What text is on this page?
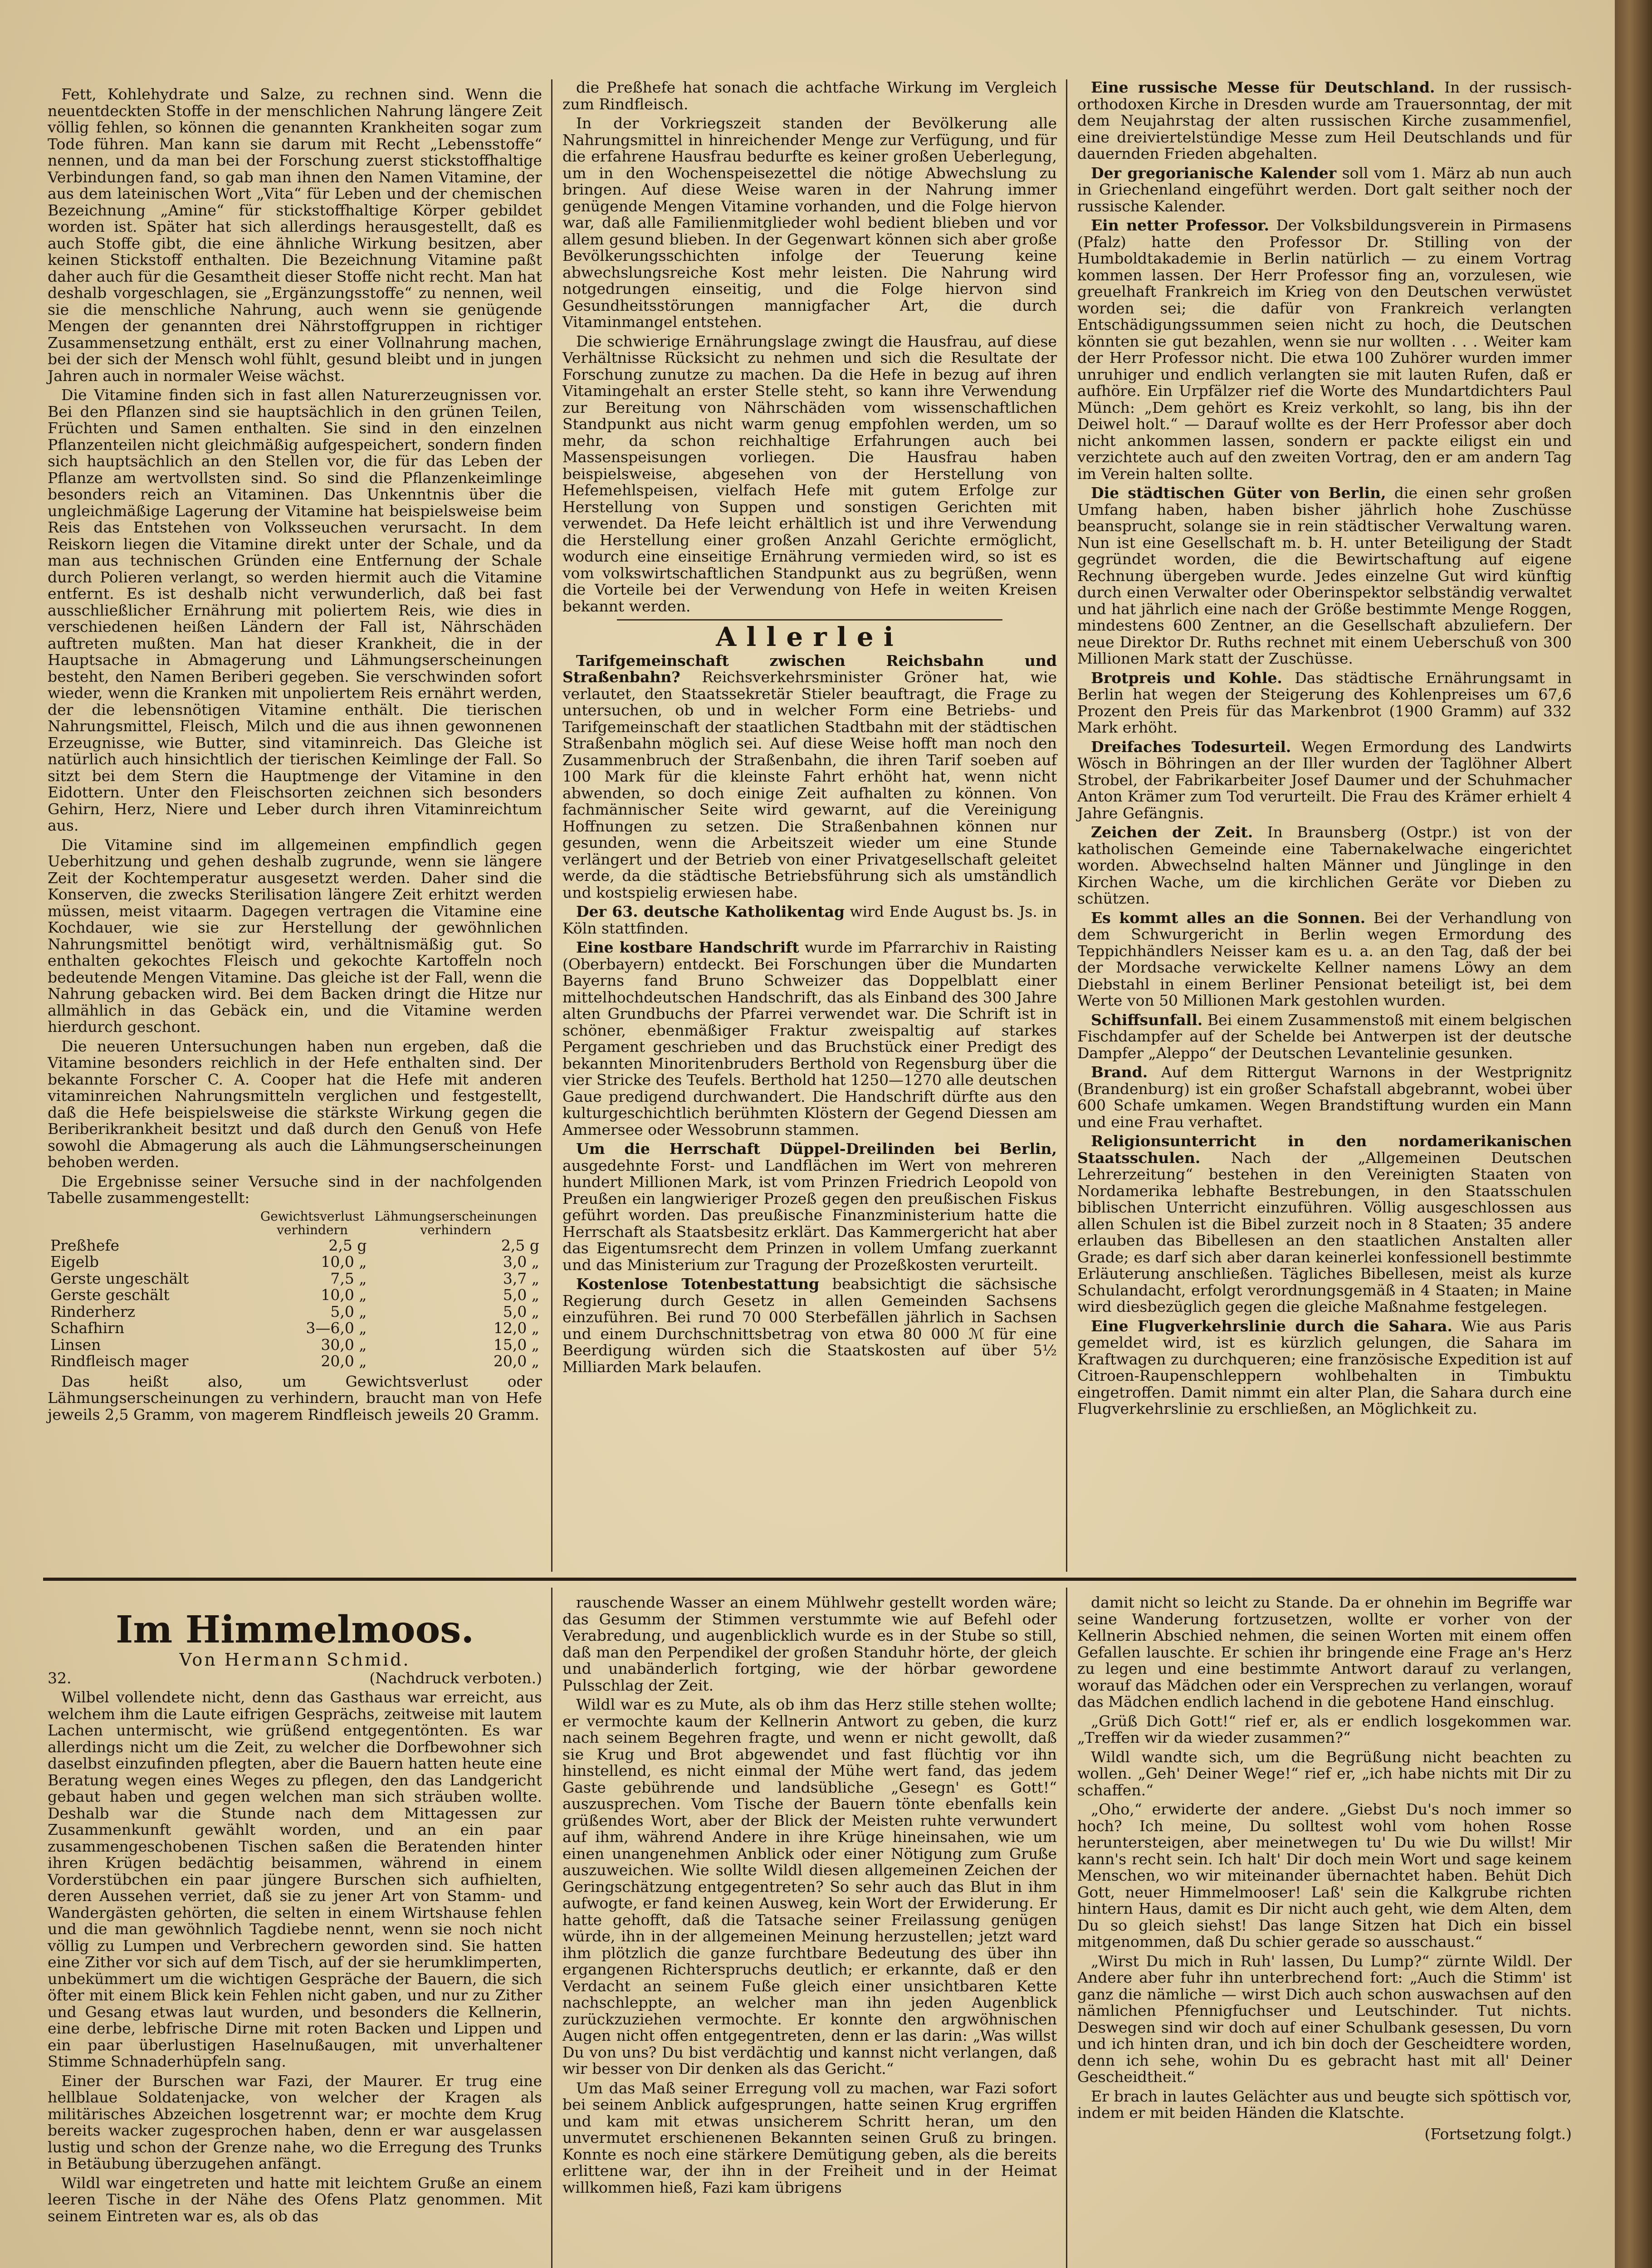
Fett, Kohlehydrate und Salze, zu rechnen sind. Wenn die neuentdeckten Stoffe in der menschlichen Nahrung längere Zeit völlig fehlen, so können die genannten Krankheiten sogar zum Tode führen. Man kann sie darum mit Recht „Lebensstoffe“ nennen, und da man bei der Forschung zuerst stickstoffhaltige Verbindungen fand, so gab man ihnen den Namen Vitamine, der aus dem lateinischen Wort „Vita“ für Leben und der chemischen Bezeichnung „Amine“ für stickstoffhaltige Körper gebildet worden ist. Später hat sich allerdings herausgestellt, daß es auch Stoffe gibt, die eine ähnliche Wirkung besitzen, aber keinen Stickstoff enthalten. Die Bezeichnung Vitamine paßt daher auch für die Gesamtheit dieser Stoffe nicht recht. Man hat deshalb vorgeschlagen, sie „Ergänzungsstoffe“ zu nennen, weil sie die menschliche Nahrung, auch wenn sie genügende Mengen der genannten drei Nährstoffgruppen in richtiger Zusammensetzung enthält, erst zu einer Vollnahrung machen, bei der sich der Mensch wohl fühlt, gesund bleibt und in jungen Jahren auch in normaler Weise wächst.

Die Vitamine finden sich in fast allen Naturerzeugnissen vor. Bei den Pflanzen sind sie hauptsächlich in den grünen Teilen, Früchten und Samen enthalten. Sie sind in den einzelnen Pflanzenteilen nicht gleichmäßig aufgespeichert, sondern finden sich hauptsächlich an den Stellen vor, die für das Leben der Pflanze am wertvollsten sind. So sind die Pflanzenkeimlinge besonders reich an Vitaminen. Das Unkenntnis über die ungleichmäßige Lagerung der Vitamine hat beispielsweise beim Reis das Entstehen von Volksseuchen verursacht. In dem Reiskorn liegen die Vitamine direkt unter der Schale, und da man aus technischen Gründen eine Entfernung der Schale durch Polieren verlangt, so werden hiermit auch die Vitamine entfernt. Es ist deshalb nicht verwunderlich, daß bei fast ausschließlicher Ernährung mit poliertem Reis, wie dies in verschiedenen heißen Ländern der Fall ist, Nährschäden auftreten mußten. Man hat dieser Krankheit, die in der Hauptsache in Abmagerung und Lähmungserscheinungen besteht, den Namen Beriberi gegeben. Sie verschwinden sofort wieder, wenn die Kranken mit unpoliertem Reis ernährt werden, der die lebensnötigen Vitamine enthält. Die tierischen Nahrungsmittel, Fleisch, Milch und die aus ihnen gewonnenen Erzeugnisse, wie Butter, sind vitaminreich. Das Gleiche ist natürlich auch hinsichtlich der tierischen Keimlinge der Fall. So sitzt bei dem Stern die Hauptmenge der Vitamine in den Eidottern. Unter den Fleischsorten zeichnen sich besonders Gehirn, Herz, Niere und Leber durch ihren Vitaminreichtum aus.

Die Vitamine sind im allgemeinen empfindlich gegen Ueberhitzung und gehen deshalb zugrunde, wenn sie längere Zeit der Kochtemperatur ausgesetzt werden. Daher sind die Konserven, die zwecks Sterilisation längere Zeit erhitzt werden müssen, meist vitaarm. Dagegen vertragen die Vitamine eine Kochdauer, wie sie zur Herstellung der gewöhnlichen Nahrungsmittel benötigt wird, verhältnismäßig gut. So enthalten gekochtes Fleisch und gekochte Kartoffeln noch bedeutende Mengen Vitamine. Das gleiche ist der Fall, wenn die Nahrung gebacken wird. Bei dem Backen dringt die Hitze nur allmählich in das Gebäck ein, und die Vitamine werden hierdurch geschont.

Die neueren Untersuchungen haben nun ergeben, daß die Vitamine besonders reichlich in der Hefe enthalten sind. Der bekannte Forscher C. A. Cooper hat die Hefe mit anderen vitaminreichen Nahrungsmitteln verglichen und festgestellt, daß die Hefe beispielsweise die stärkste Wirkung gegen die Beriberikrankheit besitzt und daß durch den Genuß von Hefe sowohl die Abmagerung als auch die Lähmungserscheinungen behoben werden.

Die Ergebnisse seiner Versuche sind in der nachfolgenden Tabelle zusammengestellt:

	Gewichtsverlust verhindern	Lähmungserscheinungen verhindern
Preßhefe	2,5 g	2,5 g
Eigelb	10,0 „	3,0 „
Gerste ungeschält	7,5 „	3,7 „
Gerste geschält	10,0 „	5,0 „
Rinderherz	5,0 „	5,0 „
Schafhirn	3—6,0 „	12,0 „
Linsen	30,0 „	15,0 „
Rindfleisch mager	20,0 „	20,0 „

Das heißt also, um Gewichtsverlust oder Lähmungserscheinungen zu verhindern, braucht man von Hefe jeweils 2,5 Gramm, von magerem Rindfleisch jeweils 20 Gramm.

die Preßhefe hat sonach die achtfache Wirkung im Vergleich zum Rindfleisch.

In der Vorkriegszeit standen der Bevölkerung alle Nahrungsmittel in hinreichender Menge zur Verfügung, und für die erfahrene Hausfrau bedurfte es keiner großen Ueberlegung, um in den Wochenspeisezettel die nötige Abwechslung zu bringen. Auf diese Weise waren in der Nahrung immer genügende Mengen Vitamine vorhanden, und die Folge hiervon war, daß alle Familienmitglieder wohl bedient blieben und vor allem gesund blieben. In der Gegenwart können sich aber große Bevölkerungsschichten infolge der Teuerung keine abwechslungsreiche Kost mehr leisten. Die Nahrung wird notgedrungen einseitig, und die Folge hiervon sind Gesundheitsstörungen mannigfacher Art, die durch Vitaminmangel entstehen.

Die schwierige Ernährungslage zwingt die Hausfrau, auf diese Verhältnisse Rücksicht zu nehmen und sich die Resultate der Forschung zunutze zu machen. Da die Hefe in bezug auf ihren Vitamingehalt an erster Stelle steht, so kann ihre Verwendung zur Bereitung von Nährschäden vom wissenschaftlichen Standpunkt aus nicht warm genug empfohlen werden, um so mehr, da schon reichhaltige Erfahrungen auch bei Massenspeisungen vorliegen. Die Hausfrau haben beispielsweise, abgesehen von der Herstellung von Hefemehlspeisen, vielfach Hefe mit gutem Erfolge zur Herstellung von Suppen und sonstigen Gerichten mit verwendet. Da Hefe leicht erhältlich ist und ihre Verwendung die Herstellung einer großen Anzahl Gerichte ermöglicht, wodurch eine einseitige Ernährung vermieden wird, so ist es vom volkswirtschaftlichen Standpunkt aus zu begrüßen, wenn die Vorteile bei der Verwendung von Hefe in weiten Kreisen bekannt werden.

Allerlei

Tarifgemeinschaft zwischen Reichsbahn und Straßenbahn? Reichsverkehrsminister Gröner hat, wie verlautet, den Staatssekretär Stieler beauftragt, die Frage zu untersuchen, ob und in welcher Form eine Betriebs- und Tarifgemeinschaft der staatlichen Stadtbahn mit der städtischen Straßenbahn möglich sei. Auf diese Weise hofft man noch den Zusammenbruch der Straßenbahn, die ihren Tarif soeben auf 100 Mark für die kleinste Fahrt erhöht hat, wenn nicht abwenden, so doch einige Zeit aufhalten zu können. Von fachmännischer Seite wird gewarnt, auf die Vereinigung Hoffnungen zu setzen. Die Straßenbahnen können nur gesunden, wenn die Arbeitszeit wieder um eine Stunde verlängert und der Betrieb von einer Privatgesellschaft geleitet werde, da die städtische Betriebsführung sich als umständlich und kostspielig erwiesen habe.

Der 63. deutsche Katholikentag wird Ende August bs. Js. in Köln stattfinden.

Eine kostbare Handschrift wurde im Pfarrarchiv in Raisting (Oberbayern) entdeckt. Bei Forschungen über die Mundarten Bayerns fand Bruno Schweizer das Doppelblatt einer mittelhochdeutschen Handschrift, das als Einband des 300 Jahre alten Grundbuchs der Pfarrei verwendet war. Die Schrift ist in schöner, ebenmäßiger Fraktur zweispaltig auf starkes Pergament geschrieben und das Bruchstück einer Predigt des bekannten Minoritenbruders Berthold von Regensburg über die vier Stricke des Teufels. Berthold hat 1250—1270 alle deutschen Gaue predigend durchwandert. Die Handschrift dürfte aus den kulturgeschichtlich berühmten Klöstern der Gegend Diessen am Ammersee oder Wessobrunn stammen.

Um die Herrschaft Düppel-Dreilinden bei Berlin, ausgedehnte Forst- und Landflächen im Wert von mehreren hundert Millionen Mark, ist vom Prinzen Friedrich Leopold von Preußen ein langwieriger Prozeß gegen den preußischen Fiskus geführt worden. Das preußische Finanzministerium hatte die Herrschaft als Staatsbesitz erklärt. Das Kammergericht hat aber das Eigentumsrecht dem Prinzen in vollem Umfang zuerkannt und das Ministerium zur Tragung der Prozeßkosten verurteilt.

Kostenlose Totenbestattung beabsichtigt die sächsische Regierung durch Gesetz in allen Gemeinden Sachsens einzuführen. Bei rund 70 000 Sterbefällen jährlich in Sachsen und einem Durchschnittsbetrag von etwa 80 000 ℳ für eine Beerdigung würden sich die Staatskosten auf über 5½ Milliarden Mark belaufen.

Eine russische Messe für Deutschland. In der russisch-orthodoxen Kirche in Dresden wurde am Trauersonntag, der mit dem Neujahrstag der alten russischen Kirche zusammenfiel, eine dreiviertelstündige Messe zum Heil Deutschlands und für dauernden Frieden abgehalten.

Der gregorianische Kalender soll vom 1. März ab nun auch in Griechenland eingeführt werden. Dort galt seither noch der russische Kalender.

Ein netter Professor. Der Volksbildungsverein in Pirmasens (Pfalz) hatte den Professor Dr. Stilling von der Humboldtakademie in Berlin natürlich — zu einem Vortrag kommen lassen. Der Herr Professor fing an, vorzulesen, wie greuelhaft Frankreich im Krieg von den Deutschen verwüstet worden sei; die dafür von Frankreich verlangten Entschädigungssummen seien nicht zu hoch, die Deutschen könnten sie gut bezahlen, wenn sie nur wollten . . . Weiter kam der Herr Professor nicht. Die etwa 100 Zuhörer wurden immer unruhiger und endlich verlangten sie mit lauten Rufen, daß er aufhöre. Ein Urpfälzer rief die Worte des Mundartdichters Paul Münch: „Dem gehört es Kreiz verkohlt, so lang, bis ihn der Deiwel holt.“ — Darauf wollte es der Herr Professor aber doch nicht ankommen lassen, sondern er packte eiligst ein und verzichtete auch auf den zweiten Vortrag, den er am andern Tag im Verein halten sollte.

Die städtischen Güter von Berlin, die einen sehr großen Umfang haben, haben bisher jährlich hohe Zuschüsse beansprucht, solange sie in rein städtischer Verwaltung waren. Nun ist eine Gesellschaft m. b. H. unter Beteiligung der Stadt gegründet worden, die die Bewirtschaftung auf eigene Rechnung übergeben wurde. Jedes einzelne Gut wird künftig durch einen Verwalter oder Oberinspektor selbständig verwaltet und hat jährlich eine nach der Größe bestimmte Menge Roggen, mindestens 600 Zentner, an die Gesellschaft abzuliefern. Der neue Direktor Dr. Ruths rechnet mit einem Ueberschuß von 300 Millionen Mark statt der Zuschüsse.

Brotpreis und Kohle. Das städtische Ernährungsamt in Berlin hat wegen der Steigerung des Kohlenpreises um 67,6 Prozent den Preis für das Markenbrot (1900 Gramm) auf 332 Mark erhöht.

Dreifaches Todesurteil. Wegen Ermordung des Landwirts Wösch in Böhringen an der Iller wurden der Taglöhner Albert Strobel, der Fabrikarbeiter Josef Daumer und der Schuhmacher Anton Krämer zum Tod verurteilt. Die Frau des Krämer erhielt 4 Jahre Gefängnis.

Zeichen der Zeit. In Braunsberg (Ostpr.) ist von der katholischen Gemeinde eine Tabernakelwache eingerichtet worden. Abwechselnd halten Männer und Jünglinge in den Kirchen Wache, um die kirchlichen Geräte vor Dieben zu schützen.

Es kommt alles an die Sonnen. Bei der Verhandlung von dem Schwurgericht in Berlin wegen Ermordung des Teppichhändlers Neisser kam es u. a. an den Tag, daß der bei der Mordsache verwickelte Kellner namens Löwy an dem Diebstahl in einem Berliner Pensionat beteiligt ist, bei dem Werte von 50 Millionen Mark gestohlen wurden.

Schiffsunfall. Bei einem Zusammenstoß mit einem belgischen Fischdampfer auf der Schelde bei Antwerpen ist der deutsche Dampfer „Aleppo“ der Deutschen Levantelinie gesunken.

Brand. Auf dem Rittergut Warnons in der Westprignitz (Brandenburg) ist ein großer Schafstall abgebrannt, wobei über 600 Schafe umkamen. Wegen Brandstiftung wurden ein Mann und eine Frau verhaftet.

Religionsunterricht in den nordamerikanischen Staatsschulen. Nach der „Allgemeinen Deutschen Lehrerzeitung“ bestehen in den Vereinigten Staaten von Nordamerika lebhafte Bestrebungen, in den Staatsschulen biblischen Unterricht einzuführen. Völlig ausgeschlossen aus allen Schulen ist die Bibel zurzeit noch in 8 Staaten; 35 andere erlauben das Bibellesen an den staatlichen Anstalten aller Grade; es darf sich aber daran keinerlei konfessionell bestimmte Erläuterung anschließen. Tägliches Bibellesen, meist als kurze Schulandacht, erfolgt verordnungsgemäß in 4 Staaten; in Maine wird diesbezüglich gegen die gleiche Maßnahme festgelegen.

Eine Flugverkehrslinie durch die Sahara. Wie aus Paris gemeldet wird, ist es kürzlich gelungen, die Sahara im Kraftwagen zu durchqueren; eine französische Expedition ist auf Citroen-Raupenschleppern wohlbehalten in Timbuktu eingetroffen. Damit nimmt ein alter Plan, die Sahara durch eine Flugverkehrslinie zu erschließen, an Möglichkeit zu.

Im Himmelmoos.
Von Hermann Schmid.
32.	(Nachdruck verboten.)

Wilbel vollendete nicht, denn das Gasthaus war erreicht, aus welchem ihm die Laute eifrigen Gesprächs, zeitweise mit lautem Lachen untermischt, wie grüßend entgegentönten. Es war allerdings nicht um die Zeit, zu welcher die Dorfbewohner sich daselbst einzufinden pflegten, aber die Bauern hatten heute eine Beratung wegen eines Weges zu pflegen, den das Landgericht gebaut haben und gegen welchen man sich sträuben wollte. Deshalb war die Stunde nach dem Mittagessen zur Zusammenkunft gewählt worden, und an ein paar zusammengeschobenen Tischen saßen die Beratenden hinter ihren Krügen bedächtig beisammen, während in einem Vorderstübchen ein paar jüngere Burschen sich aufhielten, deren Aussehen verriet, daß sie zu jener Art von Stamm- und Wandergästen gehörten, die selten in einem Wirtshause fehlen und die man gewöhnlich Tagdiebe nennt, wenn sie noch nicht völlig zu Lumpen und Verbrechern geworden sind. Sie hatten eine Zither vor sich auf dem Tisch, auf der sie herumklimperten, unbekümmert um die wichtigen Gespräche der Bauern, die sich öfter mit einem Blick kein Fehlen nicht gaben, und nur zu Zither und Gesang etwas laut wurden, und besonders die Kellnerin, eine derbe, lebfrische Dirne mit roten Backen und Lippen und ein paar überlustigen Haselnußaugen, mit unverhaltener Stimme Schnaderhüpfeln sang.

Einer der Burschen war Fazi, der Maurer. Er trug eine hellblaue Soldatenjacke, von welcher der Kragen als militärisches Abzeichen losgetrennt war; er mochte dem Krug bereits wacker zugesprochen haben, denn er war ausgelassen lustig und schon der Grenze nahe, wo die Erregung des Trunks in Betäubung überzugehen anfängt.

Wildl war eingetreten und hatte mit leichtem Gruße an einem leeren Tische in der Nähe des Ofens Platz genommen. Mit seinem Eintreten war es, als ob das

rauschende Wasser an einem Mühlwehr gestellt worden wäre; das Gesumm der Stimmen verstummte wie auf Befehl oder Verabredung, und augenblicklich wurde es in der Stube so still, daß man den Perpendikel der großen Standuhr hörte, der gleich und unabänderlich fortging, wie der hörbar gewordene Pulsschlag der Zeit.

Wildl war es zu Mute, als ob ihm das Herz stille stehen wollte; er vermochte kaum der Kellnerin Antwort zu geben, die kurz nach seinem Begehren fragte, und wenn er nicht gewollt, daß sie Krug und Brot abgewendet und fast flüchtig vor ihn hinstellend, es nicht einmal der Mühe wert fand, das jedem Gaste gebührende und landsübliche „Gesegn' es Gott!“ auszusprechen. Vom Tische der Bauern tönte ebenfalls kein grüßendes Wort, aber der Blick der Meisten ruhte verwundert auf ihm, während Andere in ihre Krüge hineinsahen, wie um einen unangenehmen Anblick oder einer Nötigung zum Gruße auszuweichen. Wie sollte Wildl diesen allgemeinen Zeichen der Geringschätzung entgegentreten? So sehr auch das Blut in ihm aufwogte, er fand keinen Ausweg, kein Wort der Erwiderung. Er hatte gehofft, daß die Tatsache seiner Freilassung genügen würde, ihn in der allgemeinen Meinung herzustellen; jetzt ward ihm plötzlich die ganze furchtbare Bedeutung des über ihn ergangenen Richterspruchs deutlich; er erkannte, daß er den Verdacht an seinem Fuße gleich einer unsichtbaren Kette nachschleppte, an welcher man ihn jeden Augenblick zurückzuziehen vermochte. Er konnte den argwöhnischen Augen nicht offen entgegentreten, denn er las darin: „Was willst Du von uns? Du bist verdächtig und kannst nicht verlangen, daß wir besser von Dir denken als das Gericht.“

Um das Maß seiner Erregung voll zu machen, war Fazi sofort bei seinem Anblick aufgesprungen, hatte seinen Krug ergriffen und kam mit etwas unsicherem Schritt heran, um den unvermutet erschienenen Bekannten seinen Gruß zu bringen. Konnte es noch eine stärkere Demütigung geben, als die bereits erlittene war, der ihn in der Freiheit und in der Heimat willkommen hieß, Fazi kam übrigens

damit nicht so leicht zu Stande. Da er ohnehin im Begriffe war seine Wanderung fortzusetzen, wollte er vorher von der Kellnerin Abschied nehmen, die seinen Worten mit einem offen Gefallen lauschte. Er schien ihr bringende eine Frage an's Herz zu legen und eine bestimmte Antwort darauf zu verlangen, worauf das Mädchen oder ein Versprechen zu verlangen, worauf das Mädchen endlich lachend in die gebotene Hand einschlug.

„Grüß Dich Gott!“ rief er, als er endlich losgekommen war. „Treffen wir da wieder zusammen?“

Wildl wandte sich, um die Begrüßung nicht beachten zu wollen. „Geh' Deiner Wege!“ rief er, „ich habe nichts mit Dir zu schaffen.“

„Oho,“ erwiderte der andere. „Giebst Du's noch immer so hoch? Ich meine, Du solltest wohl vom hohen Rosse heruntersteigen, aber meinetwegen tu' Du wie Du willst! Mir kann's recht sein. Ich halt' Dir doch mein Wort und sage keinem Menschen, wo wir miteinander übernachtet haben. Behüt Dich Gott, neuer Himmelmooser! Laß' sein die Kalkgrube richten hintern Haus, damit es Dir nicht auch geht, wie dem Alten, dem Du so gleich siehst! Das lange Sitzen hat Dich ein bissel mitgenommen, daß Du schier gerade so ausschaust.“

„Wirst Du mich in Ruh' lassen, Du Lump?“ zürnte Wildl. Der Andere aber fuhr ihn unterbrechend fort: „Auch die Stimm' ist ganz die nämliche — wirst Dich auch schon auswachsen auf den nämlichen Pfennigfuchser und Leutschinder. Tut nichts. Deswegen sind wir doch auf einer Schulbank gesessen, Du vorn und ich hinten dran, und ich bin doch der Gescheidtere worden, denn ich sehe, wohin Du es gebracht hast mit all' Deiner Gescheidtheit.“

Er brach in lautes Gelächter aus und beugte sich spöttisch vor, indem er mit beiden Händen die Klatschte.

(Fortsetzung folgt.)
